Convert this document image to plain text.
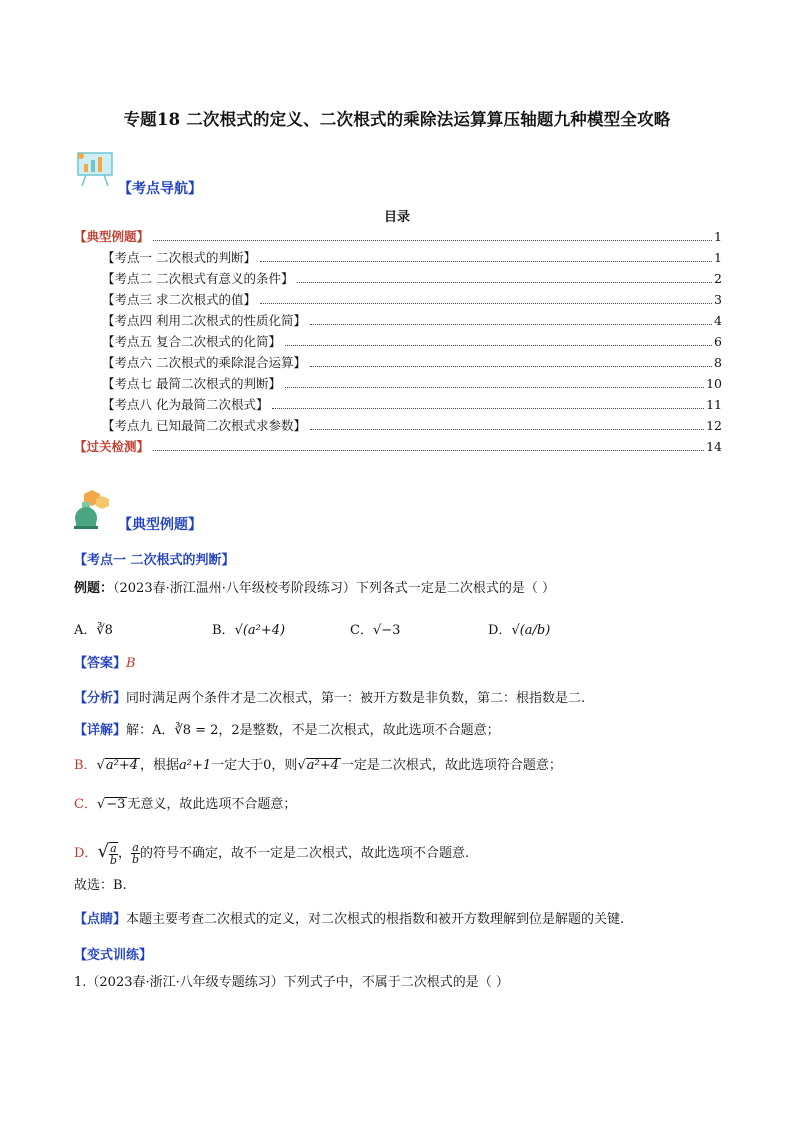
专题18 二次根式的定义、二次根式的乘除法运算算压轴题九种模型全攻略
【考点导航】
目录
【典型例题】	1
【考点一 二次根式的判断】	1
【考点二 二次根式有意义的条件】	2
【考点三 求二次根式的值】	3
【考点四 利用二次根式的性质化简】	4
【考点五 复合二次根式的化简】	6
【考点六 二次根式的乘除混合运算】	8
【考点七 最简二次根式的判断】	10
【考点八 化为最简二次根式】	11
【考点九 已知最简二次根式求参数】	12
【过关检测】	14
【典型例题】
【考点一 二次根式的判断】
例题：（2023春·浙江温州·八年级校考阶段练习）下列各式一定是二次根式的是（ ）
A．∛8	B．√(a²+4)	C．√−3	D．√(a/b)
【答案】B
【分析】同时满足两个条件才是二次根式，第一：被开方数是非负数，第二：根指数是二.
【详解】解：A．∛8 = 2，2是整数，不是二次根式，故此选项不合题意；
B．√a²+4 ，根据a²+1一定大于0，则√a²+4 一定是二次根式，故此选项符合题意；
C．√−3 无意义，故此选项不合题意；
D．√ $\frac{a}{b}$ ， $\frac{a}{b}$ 的符号不确定，故不一定是二次根式，故此选项不合题意.
故选：B.
【点睛】本题主要考查二次根式的定义，对二次根式的根指数和被开方数理解到位是解题的关键.
【变式训练】
1.（2023春·浙江·八年级专题练习）下列式子中，不属于二次根式的是（ ）
